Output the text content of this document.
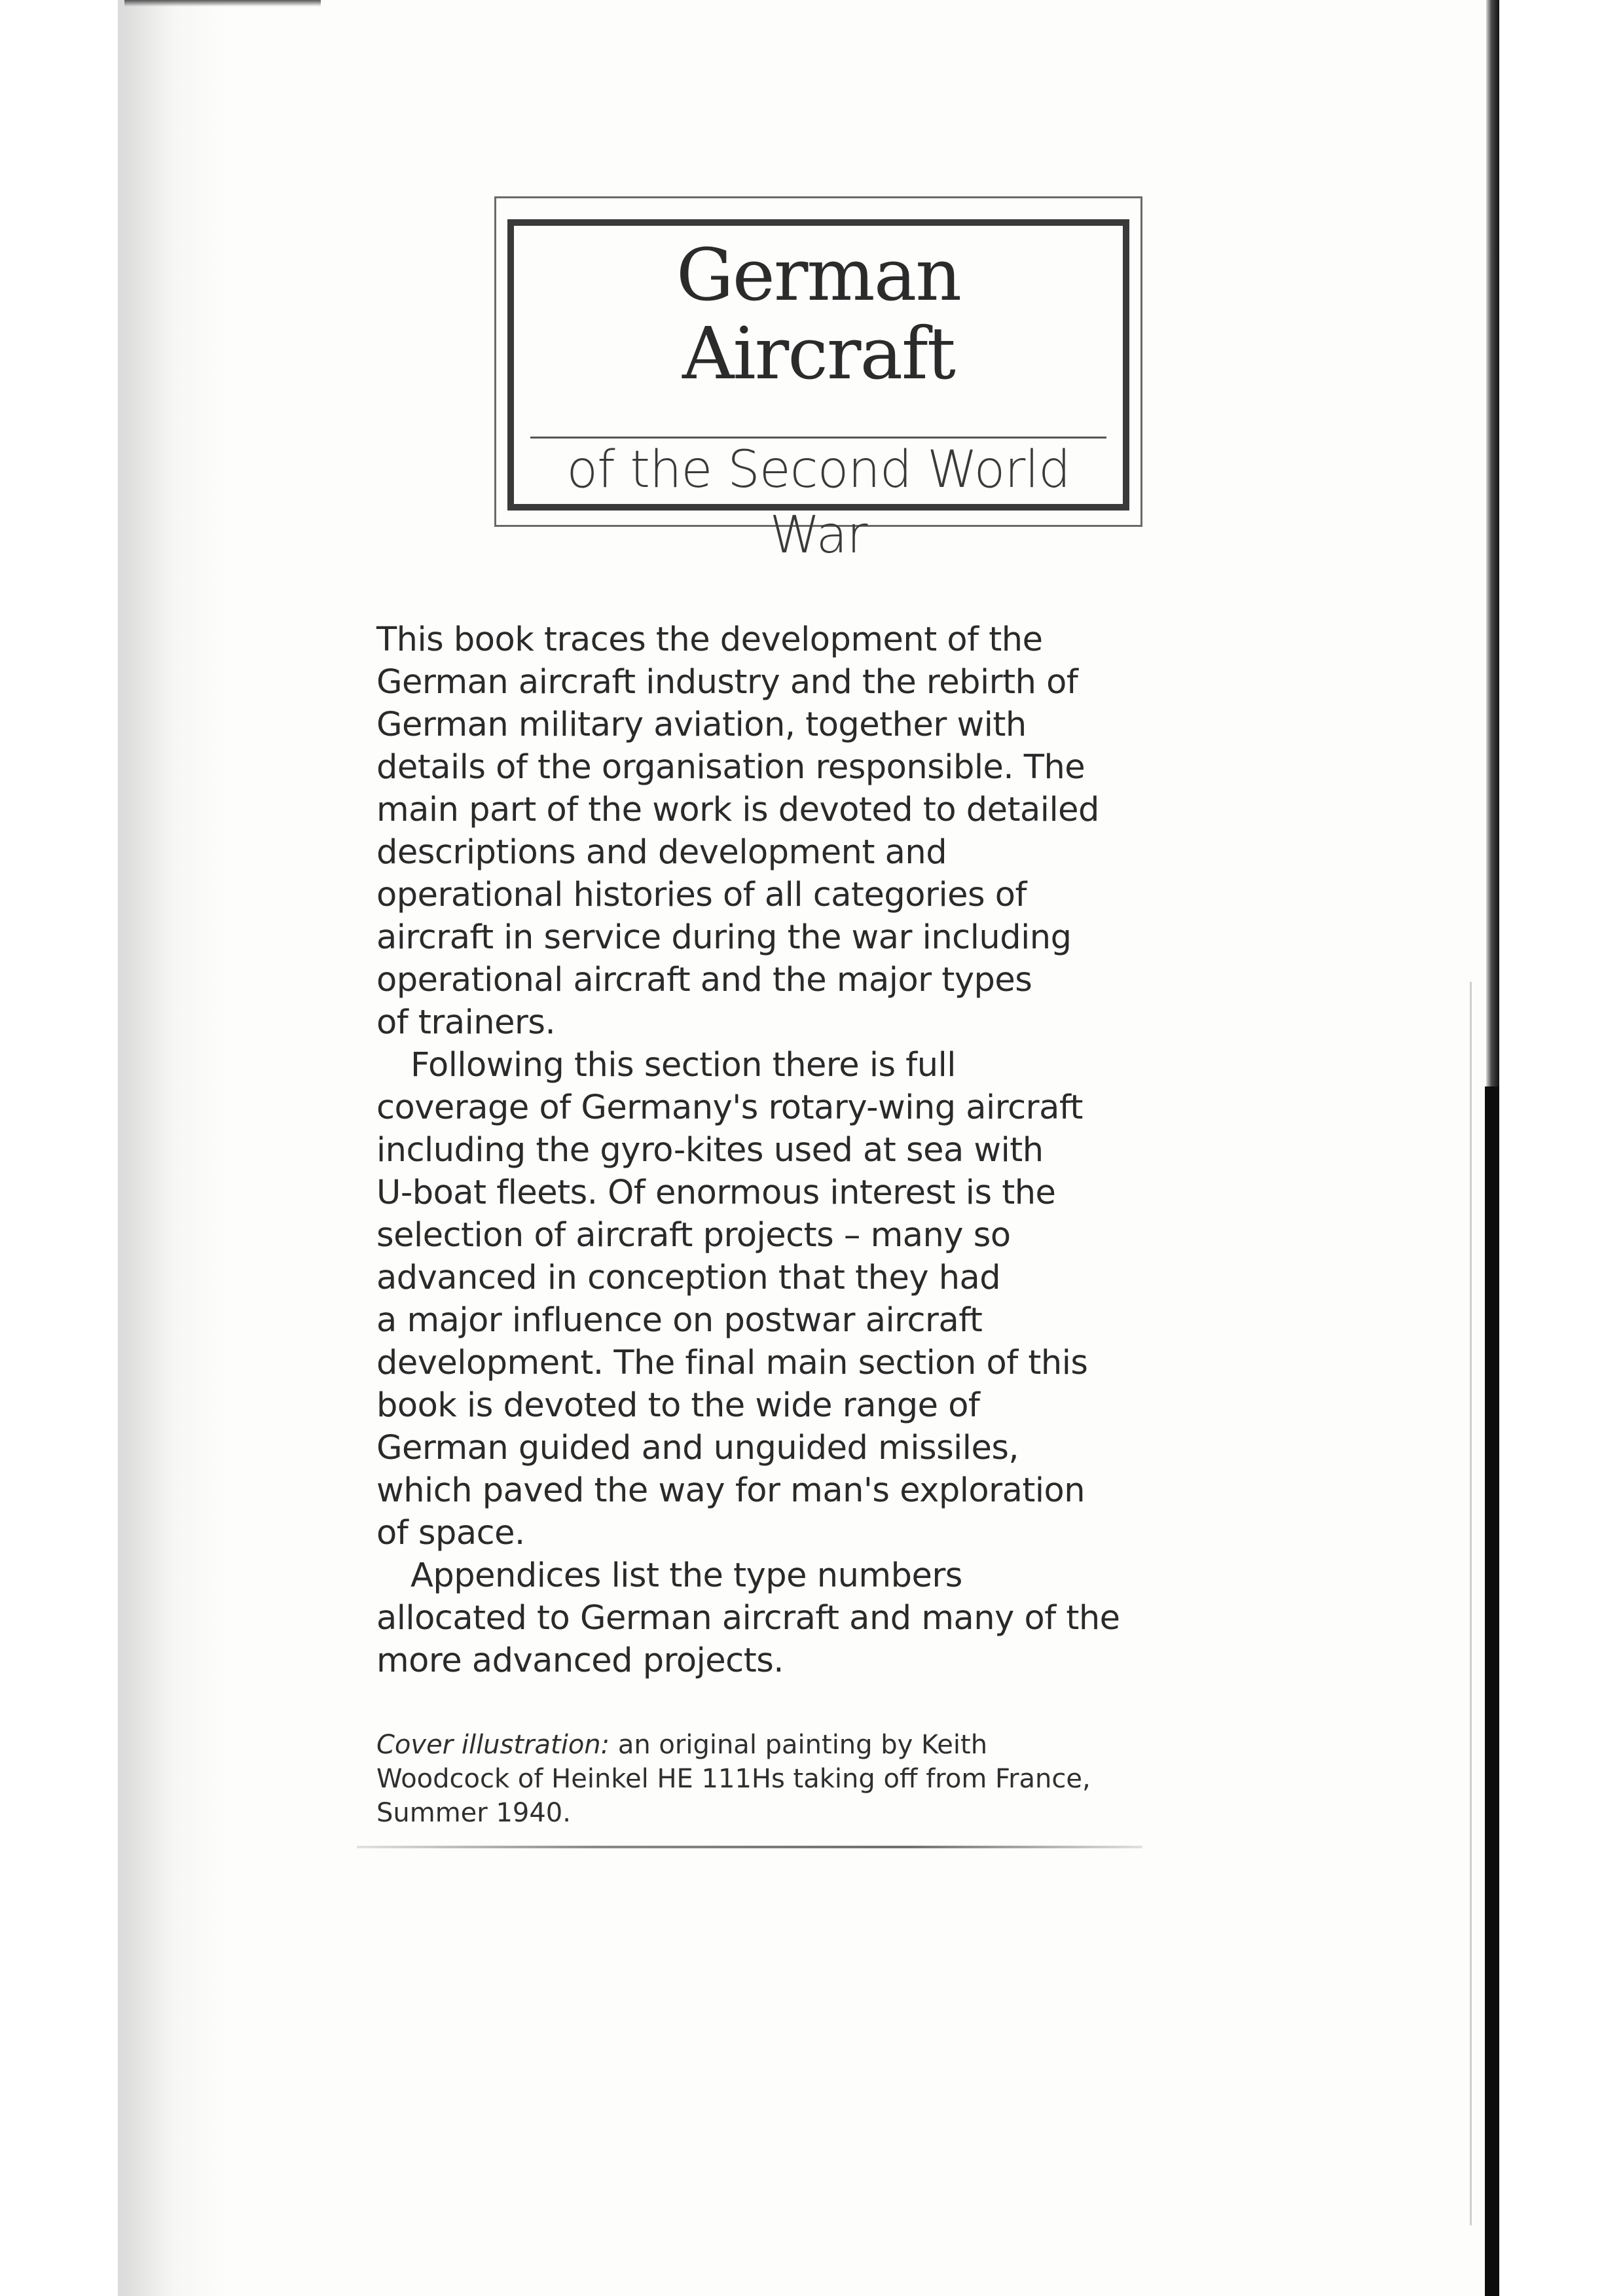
German
Aircraft
of the Second World War

This book traces the development of the
German aircraft industry and the rebirth of
German military aviation, together with
details of the organisation responsible. The
main part of the work is devoted to detailed
descriptions and development and
operational histories of all categories of
aircraft in service during the war including
operational aircraft and the major types
of trainers.

Following this section there is full
coverage of Germany's rotary-wing aircraft
including the gyro-kites used at sea with
U-boat fleets. Of enormous interest is the
selection of aircraft projects – many so
advanced in conception that they had
a major influence on postwar aircraft
development. The final main section of this
book is devoted to the wide range of
German guided and unguided missiles,
which paved the way for man's exploration
of space.

Appendices list the type numbers
allocated to German aircraft and many of the
more advanced projects.

Cover illustration: an original painting by Keith
Woodcock of Heinkel HE 111Hs taking off from France,
Summer 1940.
